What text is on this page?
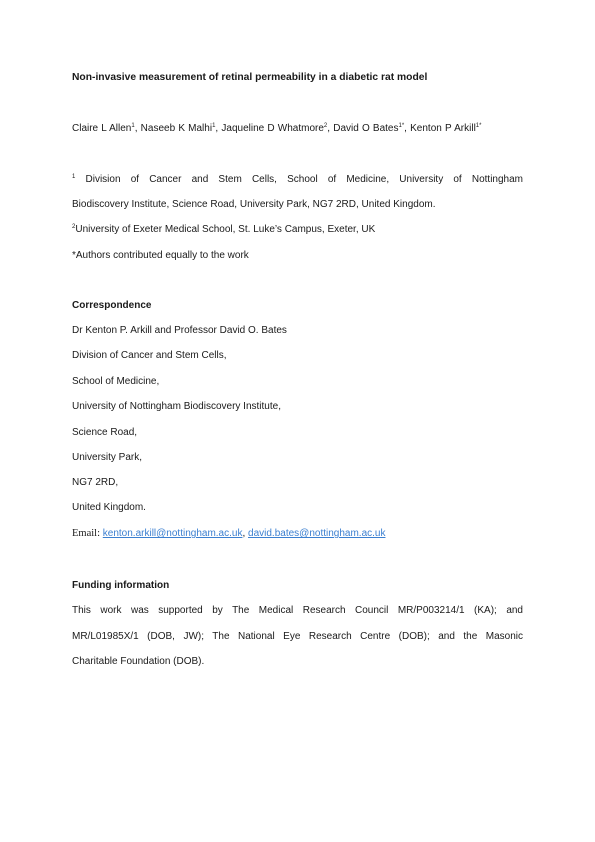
Non-invasive measurement of retinal permeability in a diabetic rat model
Claire L Allen$^1$, Naseeb K Malhi$^1$, Jaqueline D Whatmore$^2$, David O Bates$^{1*}$, Kenton P Arkill$^{1*}$
$^1$ Division of Cancer and Stem Cells, School of Medicine, University of Nottingham
Biodiscovery Institute, Science Road, University Park, NG7 2RD, United Kingdom.
$^2$University of Exeter Medical School, St. Luke’s Campus, Exeter, UK
*Authors contributed equally to the work
Correspondence
Dr Kenton P. Arkill and Professor David O. Bates
Division of Cancer and Stem Cells,
School of Medicine,
University of Nottingham Biodiscovery Institute,
Science Road,
University Park,
NG7 2RD,
United Kingdom.
Email: kenton.arkill@nottingham.ac.uk, david.bates@nottingham.ac.uk
Funding information
This work was supported by The Medical Research Council MR/P003214/1 (KA); and
MR/L01985X/1 (DOB, JW); The National Eye Research Centre (DOB); and the Masonic
Charitable Foundation (DOB).
